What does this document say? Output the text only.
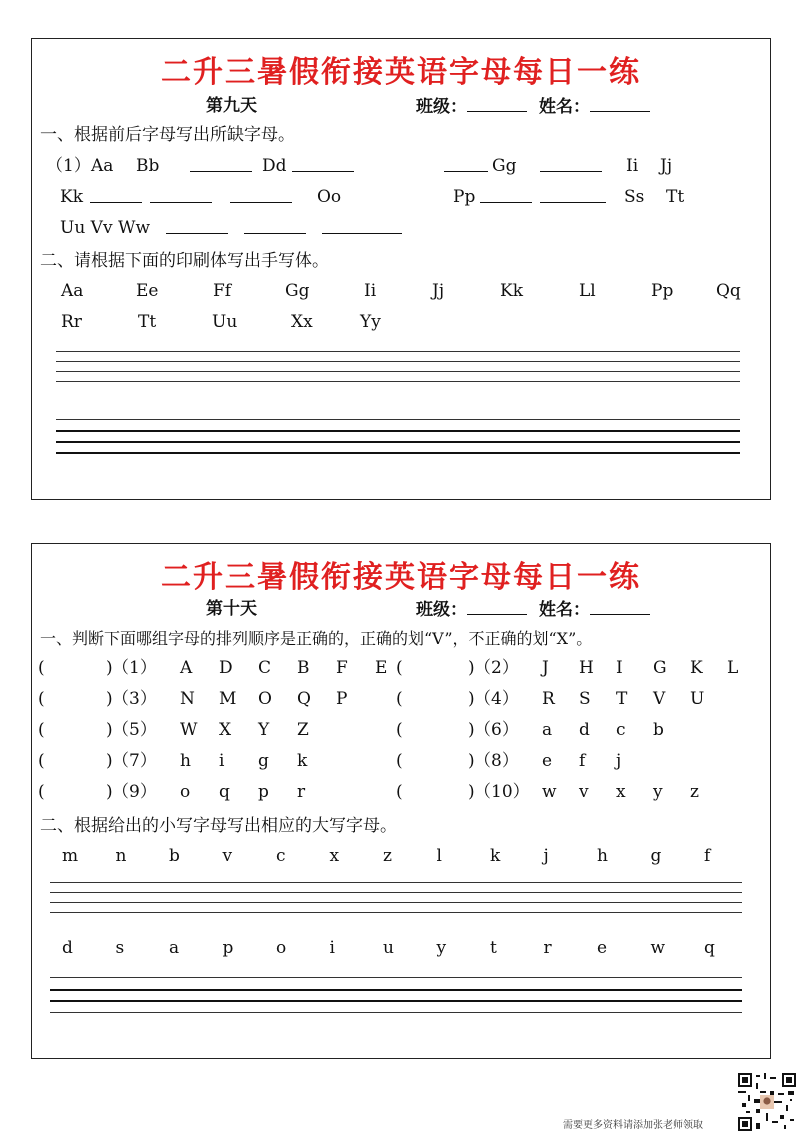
二升三暑假衔接英语字母每日一练
第九天	班级：	姓名：
一、根据前后字母写出所缺字母。
（1） Aa Bb	Dd	Gg	Ii Jj
Kk	Oo	Pp	Ss Tt
Uu Vv Ww
二、请根据下面的印刷体写出手写体。
Aa	Ee	Ff	Gg	Ii	Jj	Kk	Ll	Pp	Qq
Rr	Tt	Uu	Xx	Yy
二升三暑假衔接英语字母每日一练
第十天	班级：	姓名：
一、判断下面哪组字母的排列顺序是正确的，正确的划“V”，不正确的划“X”。
(	) （1） A D C B F E (	) （2） J H I G K L
(	) （3） N M O Q P	(	) （4） R S T V U
(	) （5） W X Y Z	(	) （6） a d c b
(	) （7） h i g k	(	) （8） e f j
(	) （9） o q p r	(	) （10） w v x y z
二、根据给出的小写字母写出相应的大写字母。
m n	b	v	c	x	z	l	k	j	h	g	f
d	s	a	p	o	i	u	y	t	r	e	w q
需要更多资料请添加张老师领取
